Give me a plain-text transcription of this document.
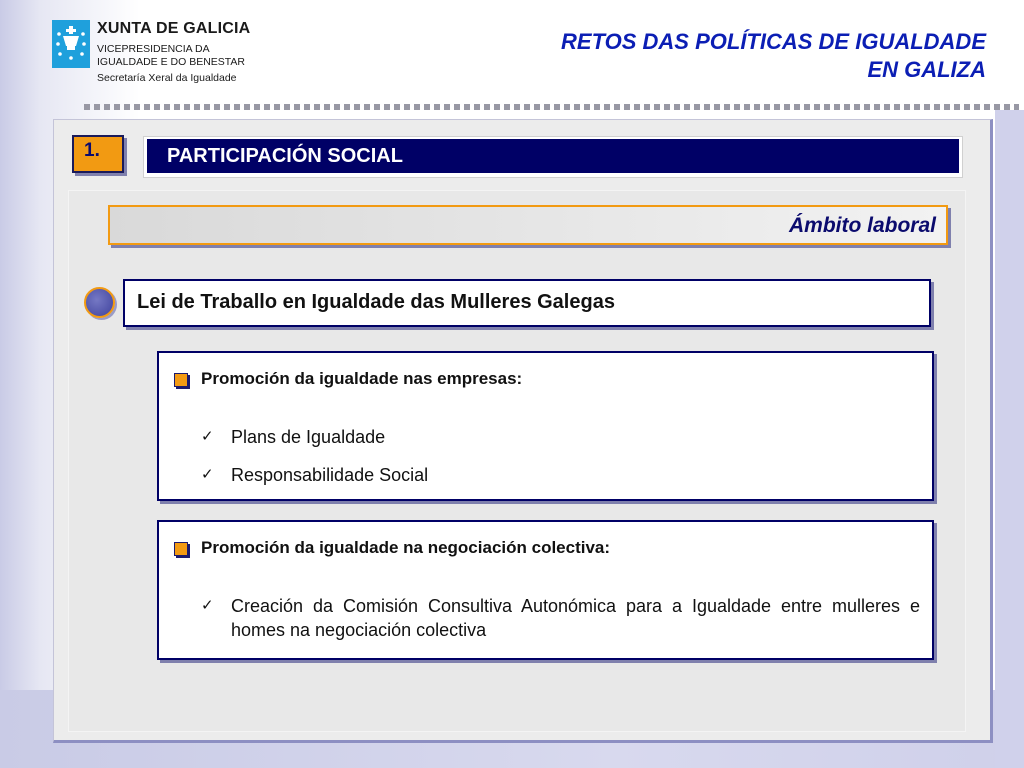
XUNTA DE GALICIA
VICEPRESIDENCIA DA
IGUALDADE E DO BENESTAR
Secretaría Xeral da Igualdade
RETOS DAS POLÍTICAS DE IGUALDADE
EN GALIZA
1.	PARTICIPACIÓN SOCIAL
Ámbito laboral
Lei de Traballo en Igualdade das Mulleres Galegas
Promoción da igualdade nas empresas:
✓ Plans de Igualdade
✓ Responsabilidade Social
Promoción da igualdade na negociación colectiva:
✓ Creación da Comisión Consultiva Autonómica para a Igualdade entre mulleres e homes na negociación colectiva
